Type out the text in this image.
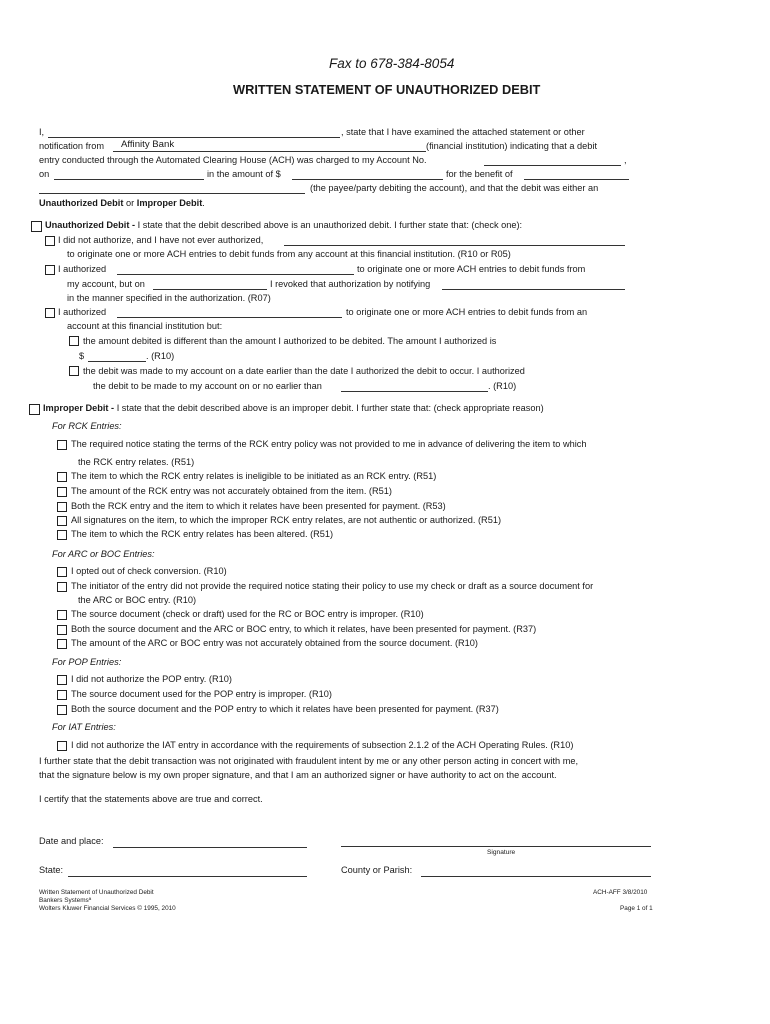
Fax to 678-384-8054
WRITTEN STATEMENT OF UNAUTHORIZED DEBIT
I,	, state that I have examined the attached statement or other
notification from Affinity Bank	(financial institution) indicating that a debit
entry conducted through the Automated Clearing House (ACH) was charged to my Account No.	,
on	in the amount of $	for the benefit of
(the payee/party debiting the account), and that the debit was either an
Unauthorized Debit or Improper Debit.
Unauthorized Debit - I state that the debit described above is an unauthorized debit. I further state that: (check one):
I did not authorize, and I have not ever authorized,
to originate one or more ACH entries to debit funds from any account at this financial institution. (R10 or R05)
I authorized	to originate one or more ACH entries to debit funds from
my account, but on	I revoked that authorization by notifying
in the manner specified in the authorization. (R07)
I authorized	to originate one or more ACH entries to debit funds from an
account at this financial institution but:
the amount debited is different than the amount I authorized to be debited. The amount I authorized is
$	. (R10)
the debit was made to my account on a date earlier than the date I authorized the debit to occur. I authorized
the debit to be made to my account on or no earlier than	. (R10)
Improper Debit - I state that the debit described above is an improper debit. I further state that: (check appropriate reason)
For RCK Entries:
The required notice stating the terms of the RCK entry policy was not provided to me in advance of delivering the item to which
the RCK entry relates. (R51)
The item to which the RCK entry relates is ineligible to be initiated as an RCK entry. (R51)
The amount of the RCK entry was not accurately obtained from the item. (R51)
Both the RCK entry and the item to which it relates have been presented for payment. (R53)
All signatures on the item, to which the improper RCK entry relates, are not authentic or authorized. (R51)
The item to which the RCK entry relates has been altered. (R51)
For ARC or BOC Entries:
I opted out of check conversion. (R10)
The initiator of the entry did not provide the required notice stating their policy to use my check or draft as a source document for
the ARC or BOC entry. (R10)
The source document (check or draft) used for the RC or BOC entry is improper. (R10)
Both the source document and the ARC or BOC entry, to which it relates, have been presented for payment. (R37)
The amount of the ARC or BOC entry was not accurately obtained from the source document. (R10)
For POP Entries:
I did not authorize the POP entry. (R10)
The source document used for the POP entry is improper. (R10)
Both the source document and the POP entry to which it relates have been presented for payment. (R37)
For IAT Entries:
I did not authorize the IAT entry in accordance with the requirements of subsection 2.1.2 of the ACH Operating Rules. (R10)
I further state that the debit transaction was not originated with fraudulent intent by me or any other person acting in concert with me,
that the signature below is my own proper signature, and that I am an authorized signer or have authority to act on the account.
I certify that the statements above are true and correct.
Date and place:
Signature
State:	County or Parish:
Written Statement of Unauthorized Debit
Bankers Systemsª
Wolters Kluwer Financial Services © 1995, 2010
ACH-AFF 3/8/2010
Page 1 of 1
